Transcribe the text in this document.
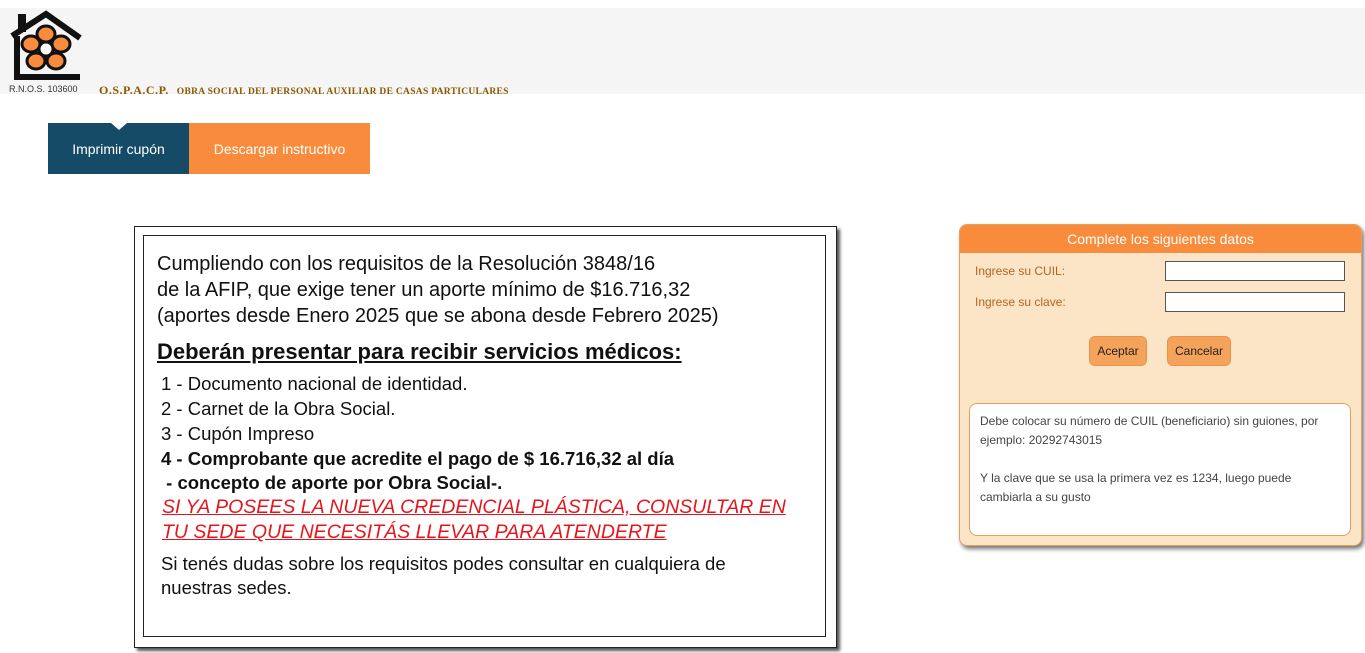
R.N.O.S. 103600 O.S.P.A.C.P. OBRA SOCIAL DEL PERSONAL AUXILIAR DE CASAS PARTICULARES
Imprimir cupón	Descargar instructivo
Cumpliendo con los requisitos de la Resolución 3848/16
de la AFIP, que exige tener un aporte mínimo de $16.716,32
(aportes desde Enero 2025 que se abona desde Febrero 2025)
Deberán presentar para recibir servicios médicos:
1 - Documento nacional de identidad.
2 - Carnet de la Obra Social.
3 - Cupón Impreso
4 - Comprobante que acredite el pago de $ 16.716,32 al día
- concepto de aporte por Obra Social-.
SI YA POSEES LA NUEVA CREDENCIAL PLÁSTICA, CONSULTAR EN
TU SEDE QUE NECESITÁS LLEVAR PARA ATENDERTE
Si tenés dudas sobre los requisitos podes consultar en cualquiera de
nuestras sedes.
Complete los siguientes datos
Ingrese su CUIL:
Ingrese su clave:
Aceptar	Cancelar

Debe colocar su número de CUIL (beneficiario) sin guiones, por ejemplo: 20292743015

Y la clave que se usa la primera vez es 1234, luego puede cambiarla a su gusto
